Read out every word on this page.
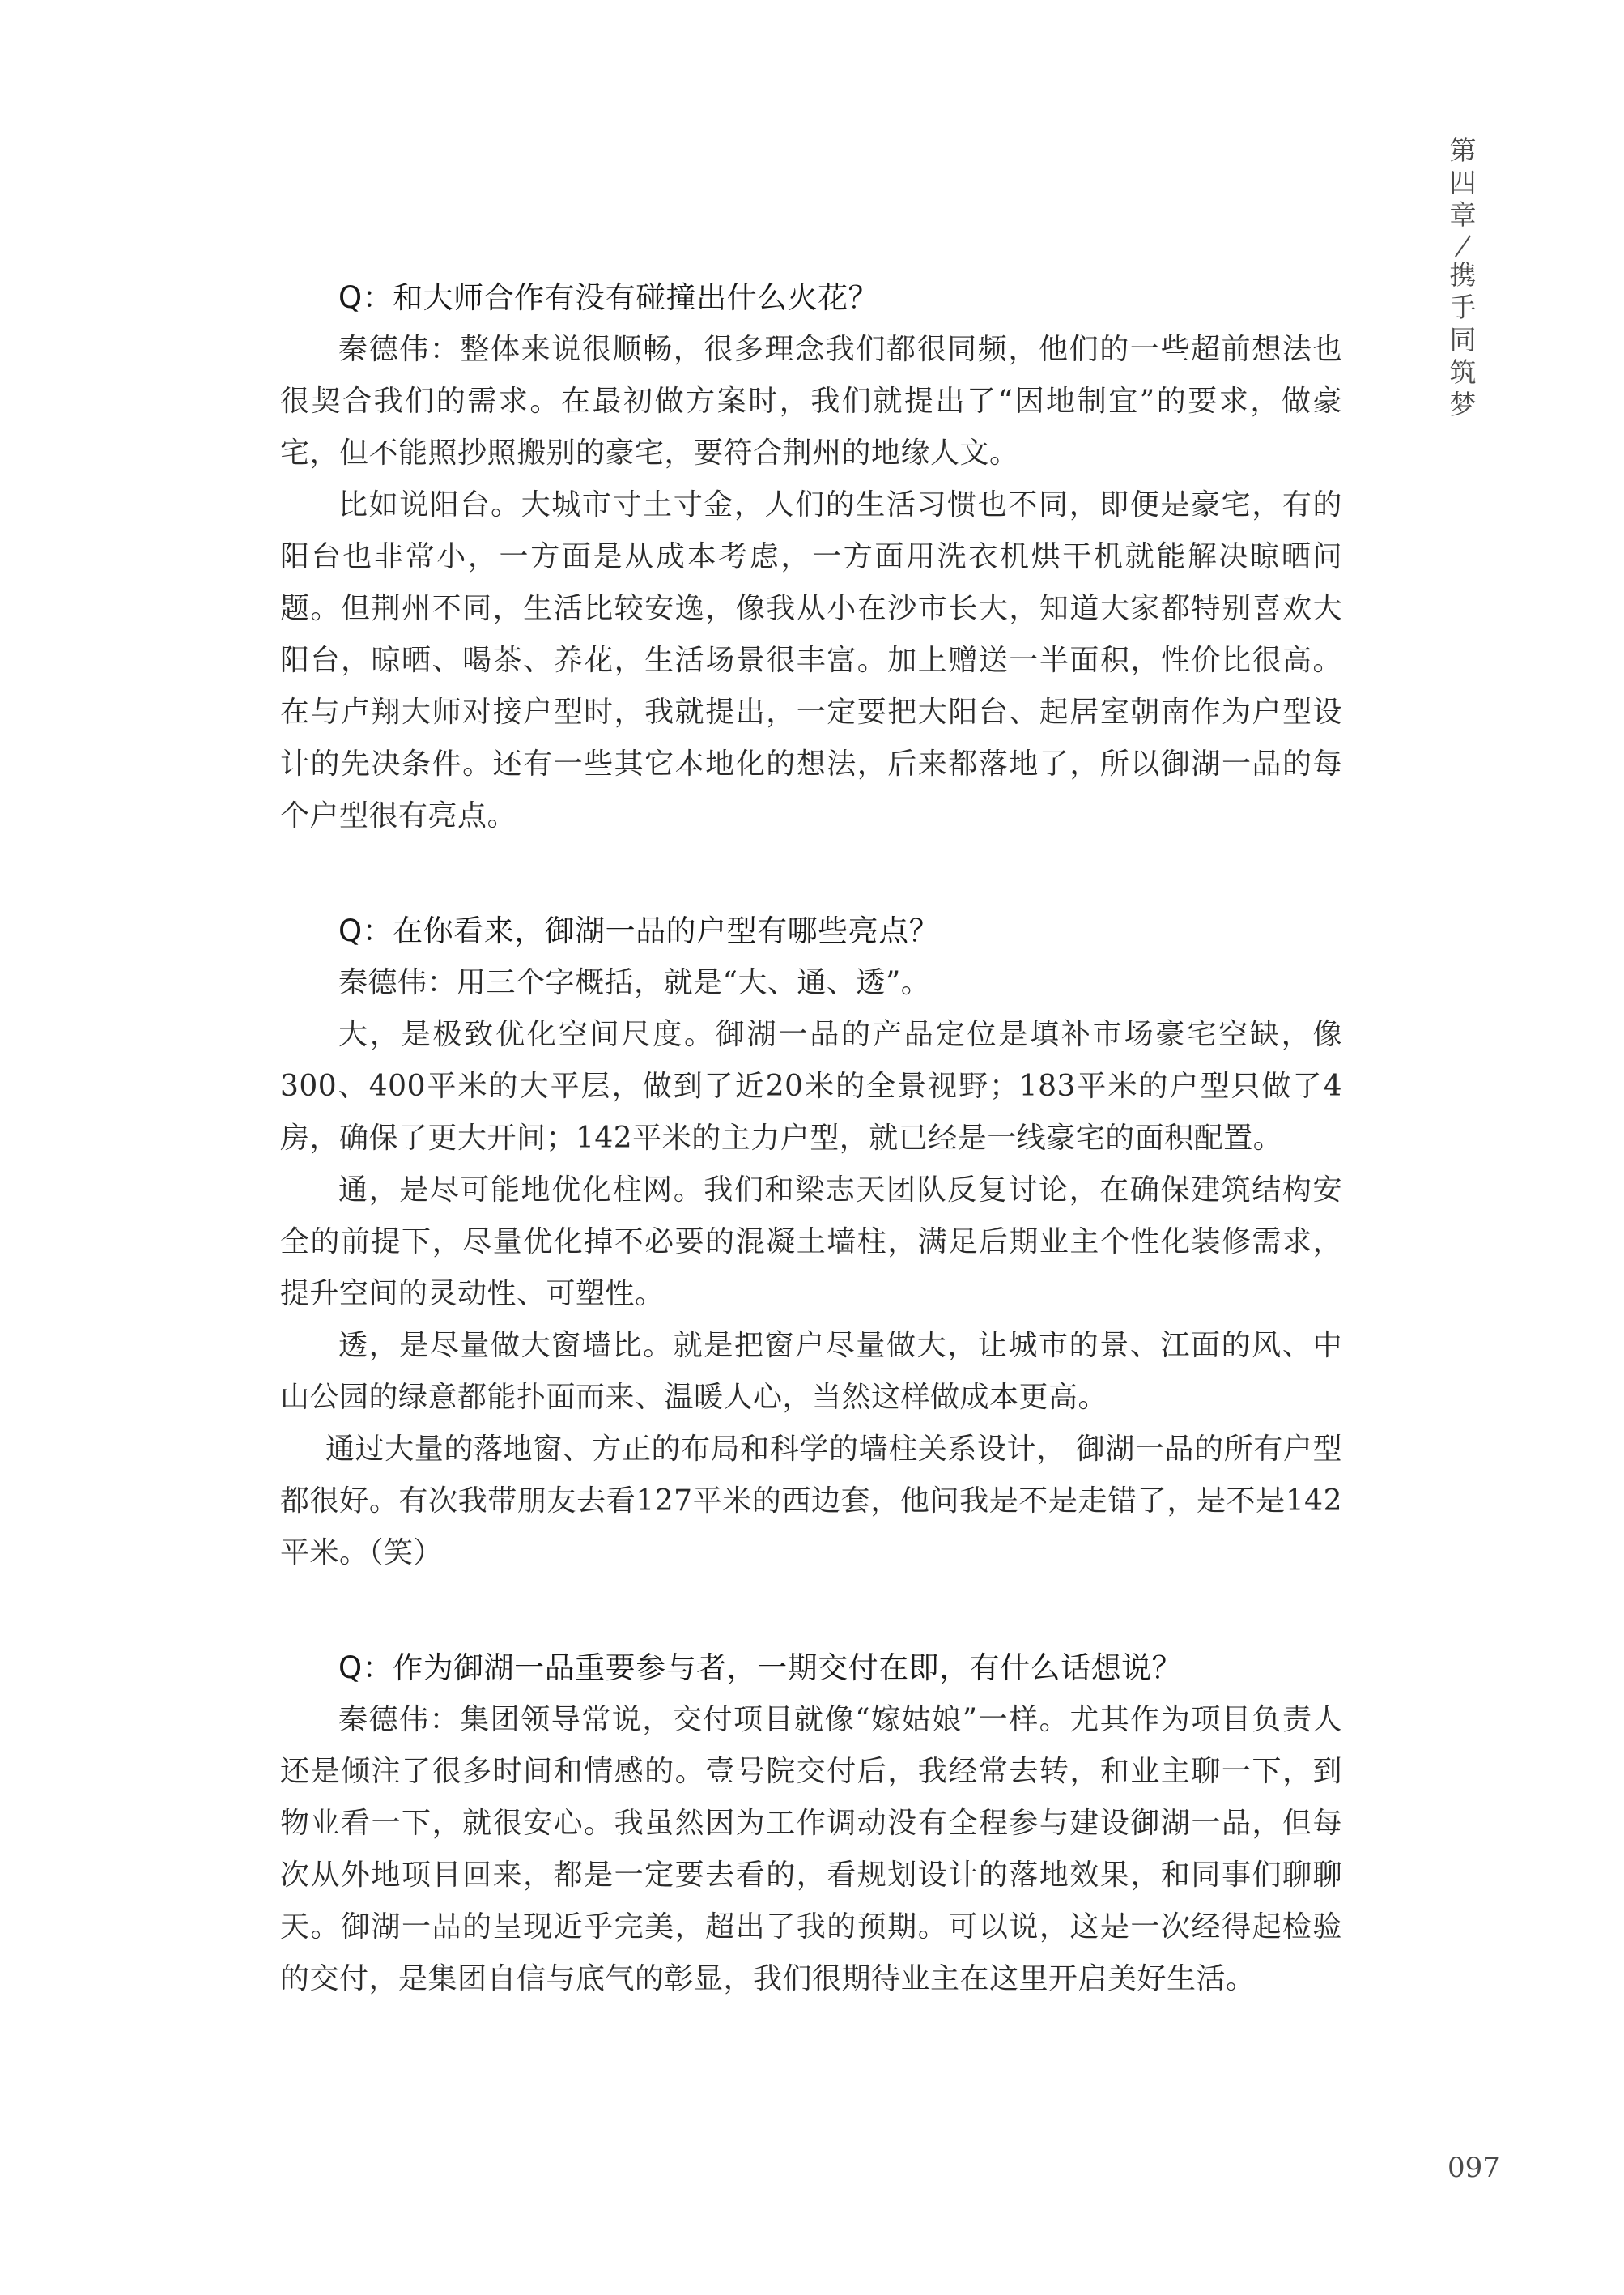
第
四
章
携
手
同
筑
梦

Q：和大师合作有没有碰撞出什么火花？

秦德伟：整体来说很顺畅，很多理念我们都很同频，他们的一些超前想法也很契合我们的需求。在最初做方案时，我们就提出了“因地制宜”的要求，做豪宅，但不能照抄照搬别的豪宅，要符合荆州的地缘人文。

比如说阳台。大城市寸土寸金，人们的生活习惯也不同，即便是豪宅，有的阳台也非常小，一方面是从成本考虑，一方面用洗衣机烘干机就能解决晾晒问题。但荆州不同，生活比较安逸，像我从小在沙市长大，知道大家都特别喜欢大阳台，晾晒、喝茶、养花，生活场景很丰富。加上赠送一半面积，性价比很高。在与卢翔大师对接户型时，我就提出，一定要把大阳台、起居室朝南作为户型设计的先决条件。还有一些其它本地化的想法，后来都落地了，所以御湖一品的每个户型很有亮点。

Q：在你看来，御湖一品的户型有哪些亮点？

秦德伟：用三个字概括，就是“大、通、透”。

大，是极致优化空间尺度。御湖一品的产品定位是填补市场豪宅空缺，像300、400平米的大平层，做到了近20米的全景视野；183平米的户型只做了4房，确保了更大开间；142平米的主力户型，就已经是一线豪宅的面积配置。

通，是尽可能地优化柱网。我们和梁志天团队反复讨论，在确保建筑结构安全的前提下，尽量优化掉不必要的混凝土墙柱，满足后期业主个性化装修需求，提升空间的灵动性、可塑性。

透，是尽量做大窗墙比。就是把窗户尽量做大，让城市的景、江面的风、中山公园的绿意都能扑面而来、温暖人心，当然这样做成本更高。

通过大量的落地窗、方正的布局和科学的墙柱关系设计， 御湖一品的所有户型都很好。有次我带朋友去看127平米的西边套，他问我是不是走错了，是不是142平米。（笑）

Q：作为御湖一品重要参与者，一期交付在即，有什么话想说？

秦德伟：集团领导常说，交付项目就像“嫁姑娘”一样。尤其作为项目负责人还是倾注了很多时间和情感的。壹号院交付后，我经常去转，和业主聊一下，到物业看一下，就很安心。我虽然因为工作调动没有全程参与建设御湖一品，但每次从外地项目回来，都是一定要去看的，看规划设计的落地效果，和同事们聊聊天。御湖一品的呈现近乎完美，超出了我的预期。可以说，这是一次经得起检验的交付，是集团自信与底气的彰显，我们很期待业主在这里开启美好生活。

097
